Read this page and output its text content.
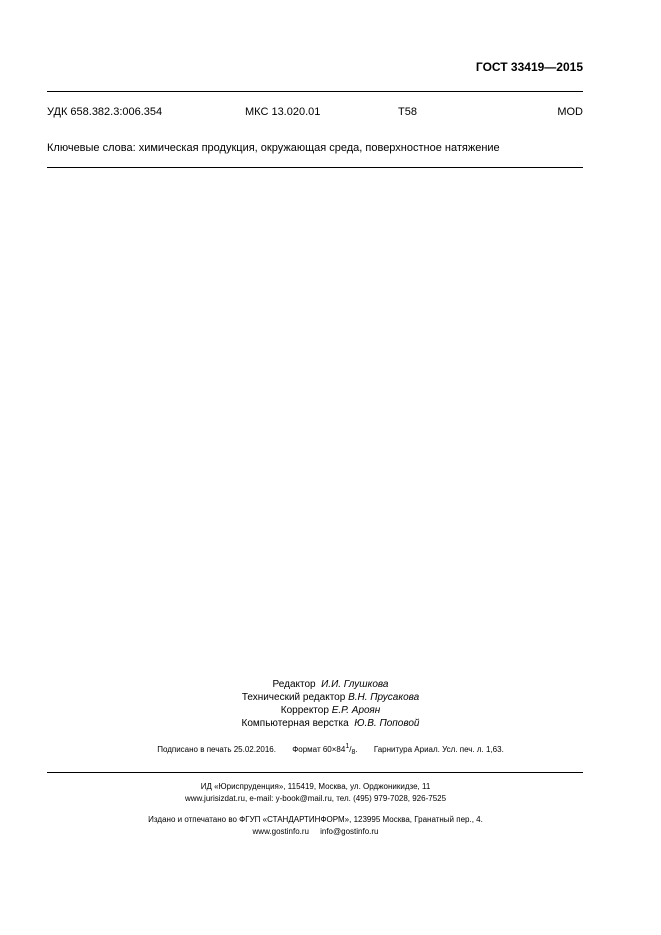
ГОСТ 33419—2015
УДК 658.382.3:006.354	МКС 13.020.01	Т58	MOD
Ключевые слова: химическая продукция, окружающая среда, поверхностное натяжение
Редактор И.И. Глушкова
Технический редактор В.Н. Прусакова
Корректор Е.Р. Ароян
Компьютерная верстка Ю.В. Поповой
Подписано в печать 25.02.2016. Формат $60\times 84^1/_8$. Гарнитура Ариал. Усл. печ. л. 1,63.
ИД «Юриспруденция», 115419, Москва, ул. Орджоникидзе, 11
www.jurisizdat.ru, e-mail: y-book@mail.ru, тел. (495) 979-7028, 926-7525
Издано и отпечатано во ФГУП «СТАНДАРТИНФОРМ», 123995 Москва, Гранатный пер., 4.
www.gostinfo.ru     info@gostinfo.ru
